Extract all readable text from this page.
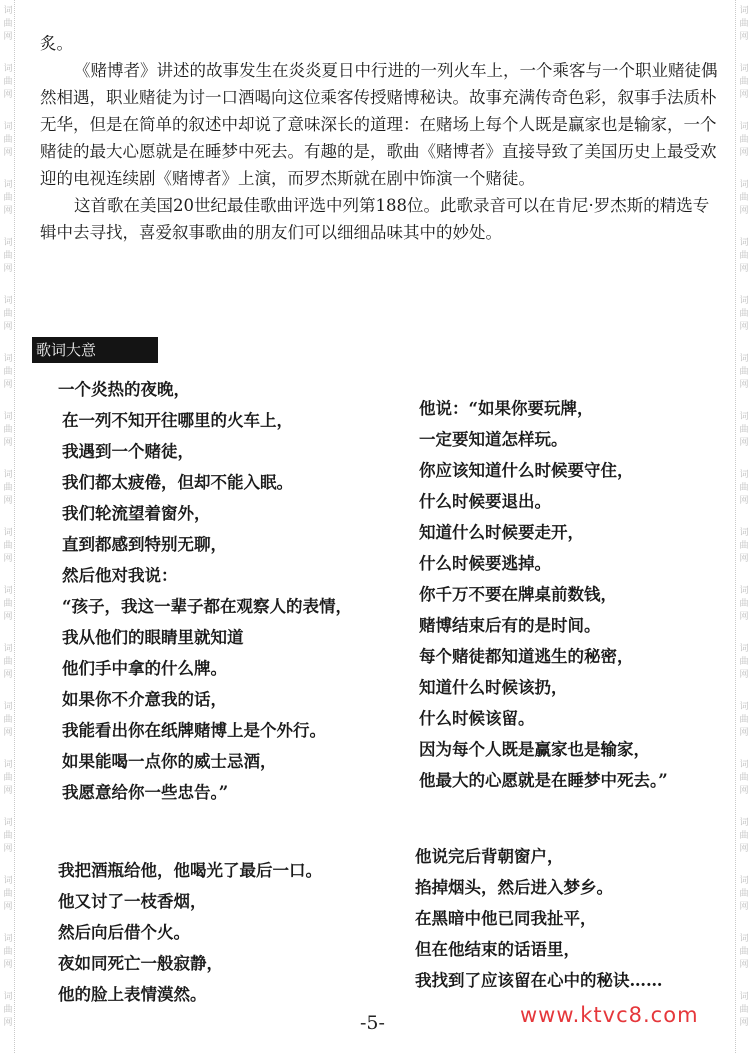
词
曲
网
词
曲
网
词
曲
网
词
曲
网
词
曲
网
词
曲
网
词
曲
网
词
曲
网
词
曲
网
词
曲
网
词
曲
网
词
曲
网
词
曲
网
词
曲
网
词
曲
网
词
曲
网
词
曲
网
词
曲
网
词
曲
网
词
曲
网
词
曲
网
词
曲
网
词
曲
网
词
曲
网
词
曲
网
词
曲
网
词
曲
网
词
曲
网
词
曲
网
词
曲
网
词
曲
网
词
曲
网
词
曲
网
词
曲
网
词
曲
网
词
曲
网

炙。

《赌博者》讲述的故事发生在炎炎夏日中行进的一列火车上，一个乘客与一个职业赌徒偶然相遇，职业赌徒为讨一口酒喝向这位乘客传授赌博秘诀。故事充满传奇色彩，叙事手法质朴无华，但是在简单的叙述中却说了意味深长的道理：在赌场上每个人既是赢家也是输家，一个赌徒的最大心愿就是在睡梦中死去。有趣的是，歌曲《赌博者》直接导致了美国历史上最受欢迎的电视连续剧《赌博者》上演，而罗杰斯就在剧中饰演一个赌徒。

这首歌在美国20世纪最佳歌曲评选中列第188位。此歌录音可以在肯尼·罗杰斯的精选专辑中去寻找，喜爱叙事歌曲的朋友们可以细细品味其中的妙处。

歌词大意
一个炎热的夜晚，
在一列不知开往哪里的火车上，
我遇到一个赌徒，
我们都太疲倦，但却不能入眠。
我们轮流望着窗外，
直到都感到特别无聊，
然后他对我说：
“孩子，我这一辈子都在观察人的表情，
我从他们的眼睛里就知道
他们手中拿的什么牌。
如果你不介意我的话，
我能看出你在纸牌赌博上是个外行。
如果能喝一点你的威士忌酒，
我愿意给你一些忠告。”
我把酒瓶给他，他喝光了最后一口。
他又讨了一枝香烟，
然后向后借个火。
夜如同死亡一般寂静，
他的脸上表情漠然。
他说：“如果你要玩牌，
一定要知道怎样玩。
你应该知道什么时候要守住，
什么时候要退出。
知道什么时候要走开，
什么时候要逃掉。
你千万不要在牌桌前数钱，
赌博结束后有的是时间。
每个赌徒都知道逃生的秘密，
知道什么时候该扔，
什么时候该留。
因为每个人既是赢家也是输家，
他最大的心愿就是在睡梦中死去。”
他说完后背朝窗户，
掐掉烟头，然后进入梦乡。
在黑暗中他已同我扯平，
但在他结束的话语里，
我找到了应该留在心中的秘诀……
-5-	www.ktvc8.com
